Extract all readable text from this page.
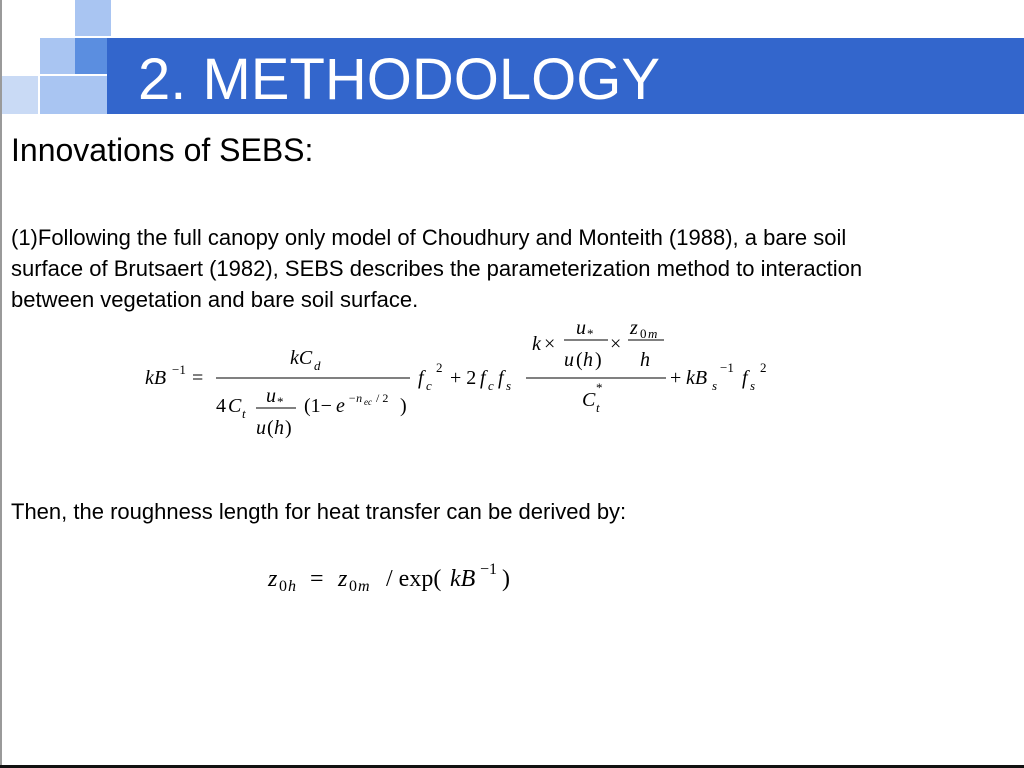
2. METHODOLOGY
Innovations of SEBS:
(1)Following the full canopy only model of Choudhury and Monteith (1988), a bare soil
surface of Brutsaert (1982), SEBS describes the parameterization method to interaction
between vegetation and bare soil surface.
kB −1 =
kC d
4 C t
u *
u ( h )
(1− e −n ec / 2 )
f c
2 + 2 f c f s
k ×
u *
u ( h )
×
z 0 m
h
C t
*	+ kB s
−1 f s
2
Then, the roughness length for heat transfer can be derived by:
z 0 h = z 0 m / exp( kB −1 )
